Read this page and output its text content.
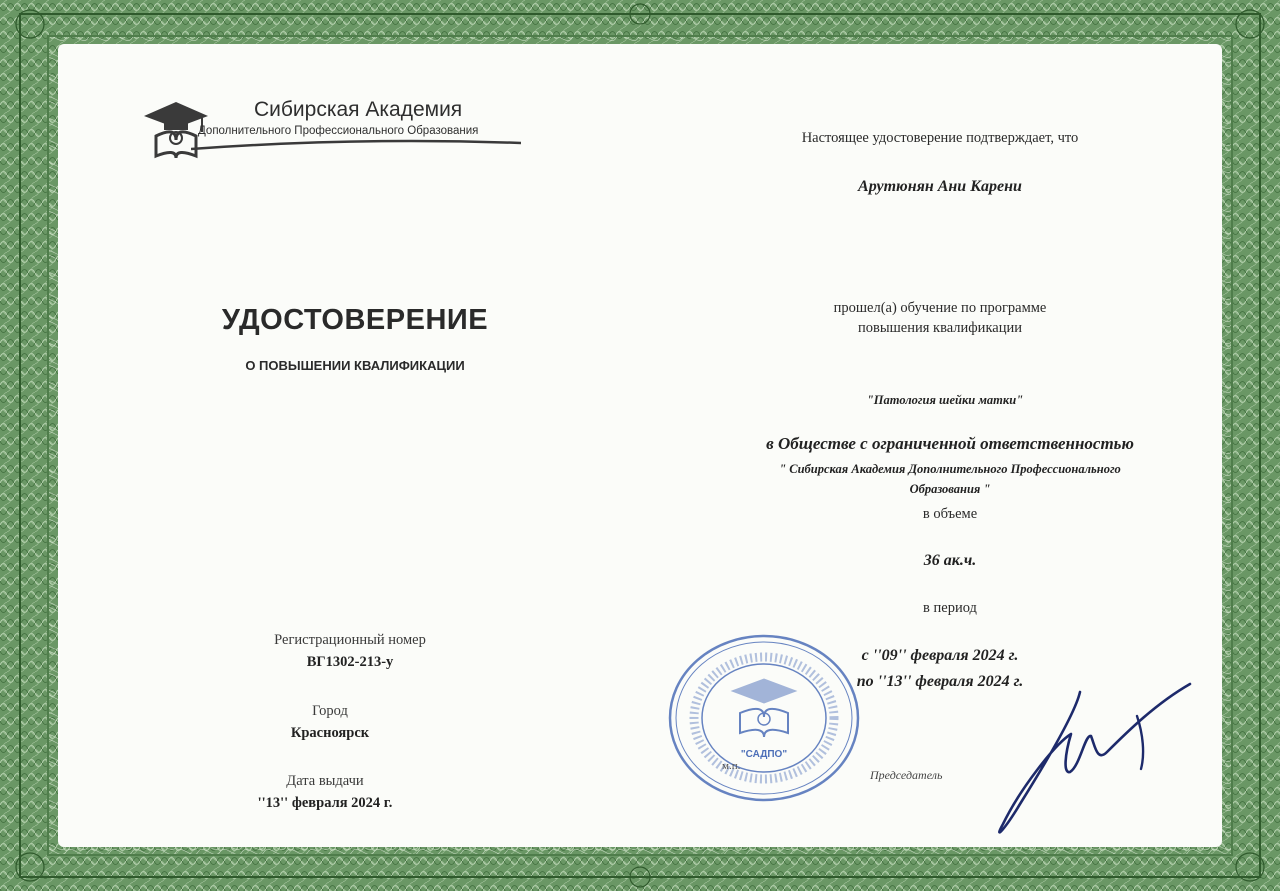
Сибирская Академия
Дополнительного Профессионального Образования
УДОСТОВЕРЕНИЕ
О ПОВЫШЕНИИ КВАЛИФИКАЦИИ
Регистрационный номер
ВГ1302-213-у
Город
Красноярск
Дата выдачи
''13'' февраля 2024 г.
Настоящее удостоверение подтверждает, что
Арутюнян Ани Карени
прошел(а) обучение по программе
повышения квалификации
"Патология шейки матки"
в Обществе с ограниченной ответственностью
" Сибирская Академия Дополнительного Профессионального
Образования "
в объеме
36 ак.ч.
в период
с ''09'' февраля 2024 г.
по ''13'' февраля 2024 г.
"САДПО"
м.п.
Председатель
